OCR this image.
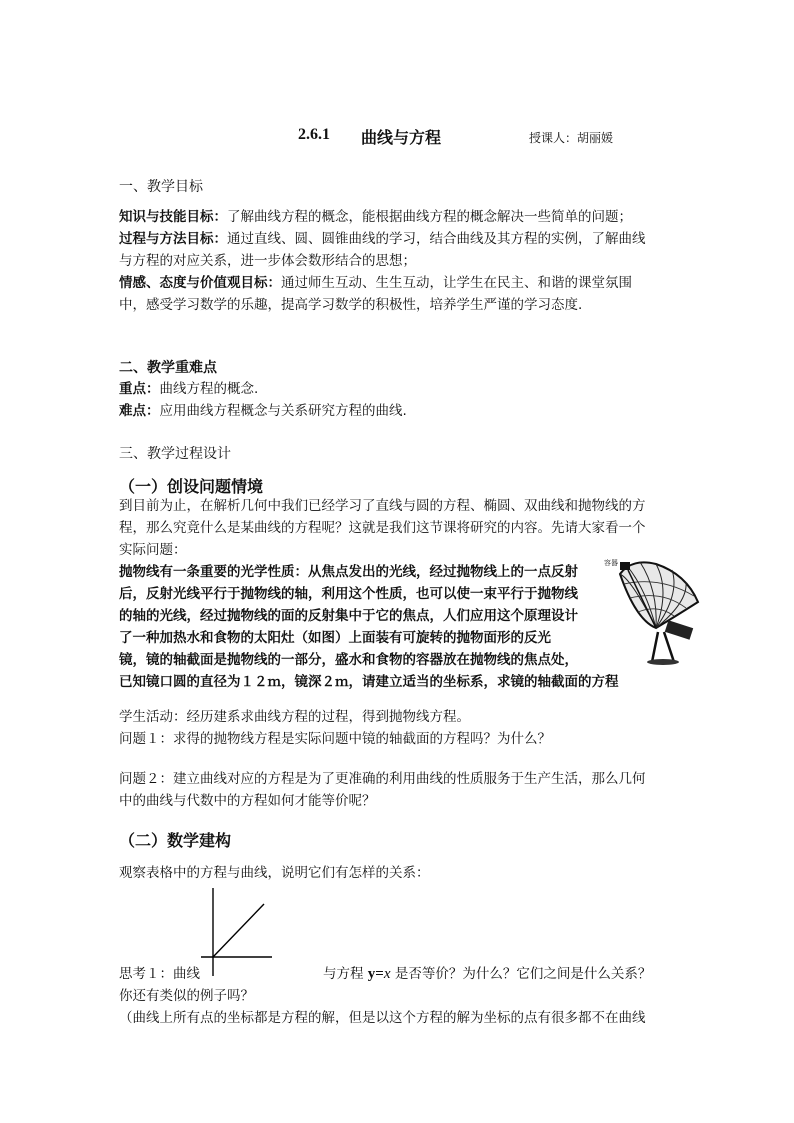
2.6.1 曲线与方程	授课人：胡丽媛
一、教学目标
知识与技能目标：了解曲线方程的概念，能根据曲线方程的概念解决一些简单的问题；
过程与方法目标：通过直线、圆、圆锥曲线的学习，结合曲线及其方程的实例，了解曲线
与方程的对应关系，进一步体会数形结合的思想；
情感、态度与价值观目标：通过师生互动、生生互动，让学生在民主、和谐的课堂氛围
中，感受学习数学的乐趣，提高学习数学的积极性，培养学生严谨的学习态度.
二、教学重难点
重点：曲线方程的概念.
难点：应用曲线方程概念与关系研究方程的曲线.
三、教学过程设计
（一）创设问题情境
到目前为止，在解析几何中我们已经学习了直线与圆的方程、椭圆、双曲线和抛物线的方
程，那么究竟什么是某曲线的方程呢？这就是我们这节课将研究的内容。先请大家看一个
实际问题：
抛物线有一条重要的光学性质：从焦点发出的光线，经过抛物线上的一点反射
后，反射光线平行于抛物线的轴，利用这个性质，也可以使一束平行于抛物线
的轴的光线，经过抛物线的面的反射集中于它的焦点，人们应用这个原理设计
了一种加热水和食物的太阳灶（如图）上面装有可旋转的抛物面形的反光
镜，镜的轴截面是抛物线的一部分，盛水和食物的容器放在抛物线的焦点处，
已知镜口圆的直径为１２ｍ，镜深２ｍ，请建立适当的坐标系，求镜的轴截面的方程
容器
学生活动：经历建系求曲线方程的过程，得到抛物线方程。
问题１：求得的抛物线方程是实际问题中镜的轴截面的方程吗？为什么？
问题２：建立曲线对应的方程是为了更准确的利用曲线的性质服务于生产生活，那么几何
中的曲线与代数中的方程如何才能等价呢？
（二）数学建构
观察表格中的方程与曲线，说明它们有怎样的关系：
思考１：曲线	与方程 y=x 是否等价？为什么？它们之间是什么关系？
你还有类似的例子吗？
（曲线上所有点的坐标都是方程的解，但是以这个方程的解为坐标的点有很多都不在曲线
